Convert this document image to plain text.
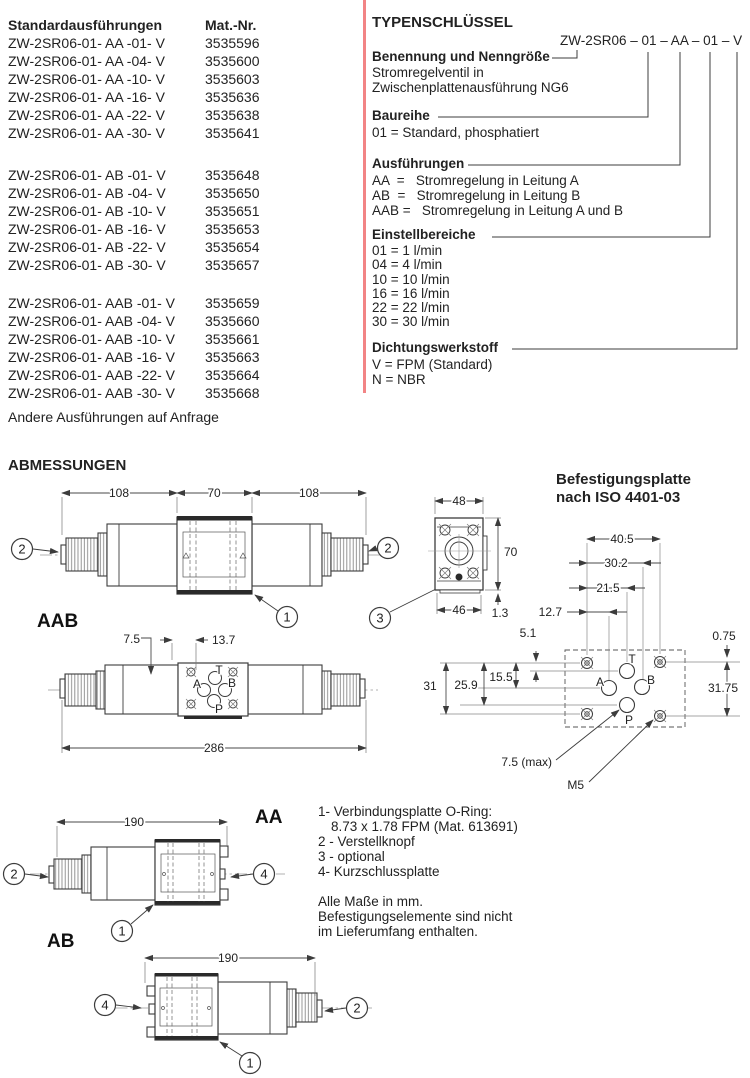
Standardausführungen	Mat.-Nr.
ZW-2SR06-01- AA -01- V	3535596
ZW-2SR06-01- AA -04- V	3535600
ZW-2SR06-01- AA -10- V	3535603
ZW-2SR06-01- AA -16- V	3535636
ZW-2SR06-01- AA -22- V	3535638
ZW-2SR06-01- AA -30- V	3535641
ZW-2SR06-01- AB -01- V	3535648
ZW-2SR06-01- AB -04- V	3535650
ZW-2SR06-01- AB -10- V	3535651
ZW-2SR06-01- AB -16- V	3535653
ZW-2SR06-01- AB -22- V	3535654
ZW-2SR06-01- AB -30- V	3535657
ZW-2SR06-01- AAB -01- V 3535659
ZW-2SR06-01- AAB -04- V 3535660
ZW-2SR06-01- AAB -10- V 3535661
ZW-2SR06-01- AAB -16- V 3535663
ZW-2SR06-01- AAB -22- V 3535664
ZW-2SR06-01- AAB -30- V 3535668
Andere Ausführungen auf Anfrage
TYPENSCHLÜSSEL
ZW-2SR06 – 01 – AA – 01 – V
Benennung und Nenngröße
Stromregelventil in
Zwischenplattenausführung NG6
Baureihe
01 = Standard, phosphatiert
Ausführungen
AA  =   Stromregelung in Leitung A
AB  =   Stromregelung in Leitung B
AAB =   Stromregelung in Leitung A und B
Einstellbereiche
01 = 1 l/min
04 = 4 l/min
10 = 10 l/min
16 = 16 l/min
22 = 22 l/min
30 = 30 l/min
Dichtungswerkstoff
V = FPM (Standard)
N = NBR
ABMESSUNGEN
Befestigungsplatte
nach ISO 4401-03
1- Verbindungsplatte O-Ring:
8.73 x 1.78 FPM (Mat. 613691)
2 - Verstellknopf
3 - optional
4- Kurzschlussplatte
Alle Maße in mm.
Befestigungselemente sind nicht
im Lieferumfang enthalten.
108	70	108
2	2
1
AAB	3
48
70
46 1.3
T
A	B
P
40.5
30.2
21.5
12.7
5.1
15.5
25.9
31
0.75
31.75
7.5 (max)
M5
T
A B
P
7.5	13.7
286
190
2	4
1
AA
AB
190
4	2
1
